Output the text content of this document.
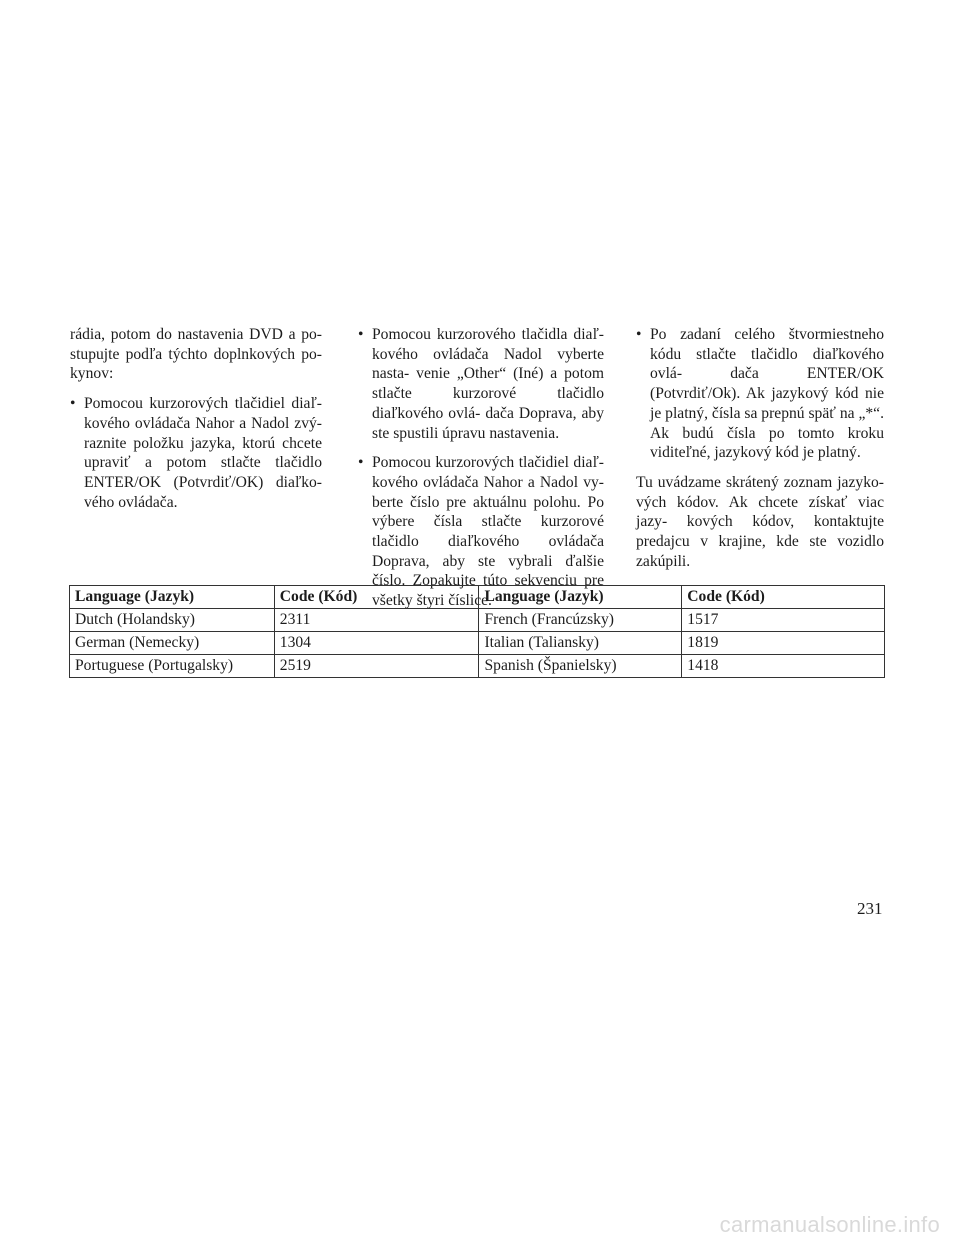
rádia, potom do nastavenia DVD a po- stupujte podľa týchto doplnkových po- kynov:

• Pomocou kurzorových tlačidiel diaľ- kového ovládača Nahor a Nadol zvý- raznite položku jazyka, ktorú chcete upraviť a potom stlačte tlačidlo ENTER/OK (Potvrdiť/OK) diaľko- vého ovládača.
• Pomocou kurzorového tlačidla diaľ- kového ovládača Nadol vyberte nasta- venie „Other“ (Iné) a potom stlačte kurzorové tlačidlo diaľkového ovlá- dača Doprava, aby ste spustili úpravu nastavenia.
• Pomocou kurzorových tlačidiel diaľ- kového ovládača Nahor a Nadol vy- berte číslo pre aktuálnu polohu. Po výbere čísla stlačte kurzorové tlačidlo diaľkového ovládača Doprava, aby ste vybrali ďalšie číslo. Zopakujte túto sekvenciu pre všetky štyri číslice.
• Po zadaní celého štvormiestneho kódu stlačte tlačidlo diaľkového ovlá- dača ENTER/OK (Potvrdiť/Ok). Ak jazykový kód nie je platný, čísla sa prepnú späť na „*“. Ak budú čísla po tomto kroku viditeľné, jazykový kód je platný.

Tu uvádzame skrátený zoznam jazyko- vých kódov. Ak chcete získať viac jazy- kových kódov, kontaktujte predajcu v krajine, kde ste vozidlo zakúpili.

Language (Jazyk)	Code (Kód)	Language (Jazyk)	Code (Kód)
Dutch (Holandsky)	2311	French (Francúzsky)	1517
German (Nemecky)	1304	Italian (Taliansky)	1819
Portuguese (Portugalsky)	2519	Spanish (Španielsky)	1418
231
carmanualsonline.info
